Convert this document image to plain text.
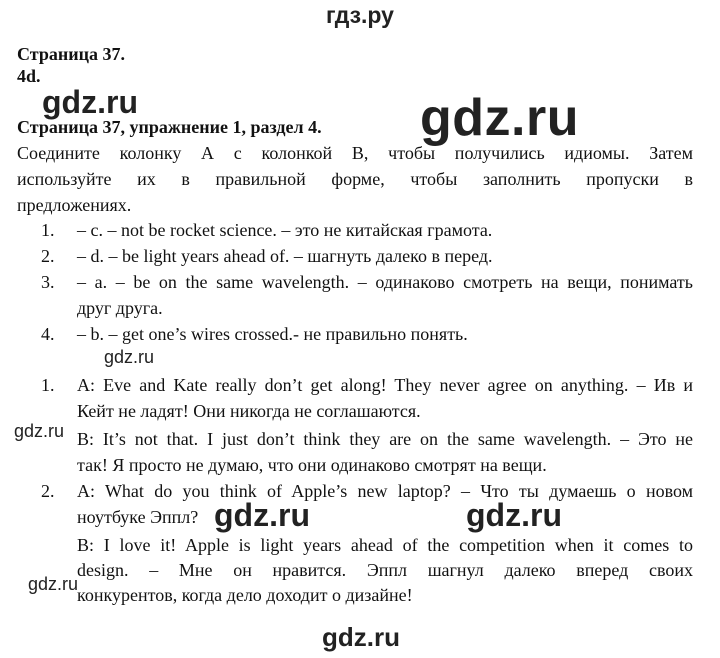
гдз.ру
Страница 37.
4d.
gdz.ru	gdz.ru
Страница 37, упражнение 1, раздел 4.
Соедините колонку А с колонкой В, чтобы получились идиомы. Затем
используйте их в правильной форме, чтобы заполнить пропуски в
предложениях.
1.	– с. – not be rocket science. – это не китайская грамота.
2.	– d. – be light years ahead of. – шагнуть далеко в перед.
3.	– a. – be on the same wavelength. – одинаково смотреть на вещи, понимать
друг друга.
4.	– b. – get one’s wires crossed.- не правильно понять.
gdz.ru
1.	A: Eve and Kate really don’t get along! They never agree on anything. – Ив и
Кейт не ладят! Они никогда не соглашаются.
gdz.ru B: It’s not that. I just don’t think they are on the same wavelength. – Это не
так! Я просто не думаю, что они одинаково смотрят на вещи.
2.	A: What do you think of Apple’s new laptop? – Что ты думаешь о новом
ноутбуке Эппл? gdz.ru	gdz.ru
B: I love it! Apple is light years ahead of the competition when it comes to
design. – Мне он нравится. Эппл шагнул далеко вперед своих
конкурентов, когда дело доходит о дизайне!
gdz.ru
gdz.ru
